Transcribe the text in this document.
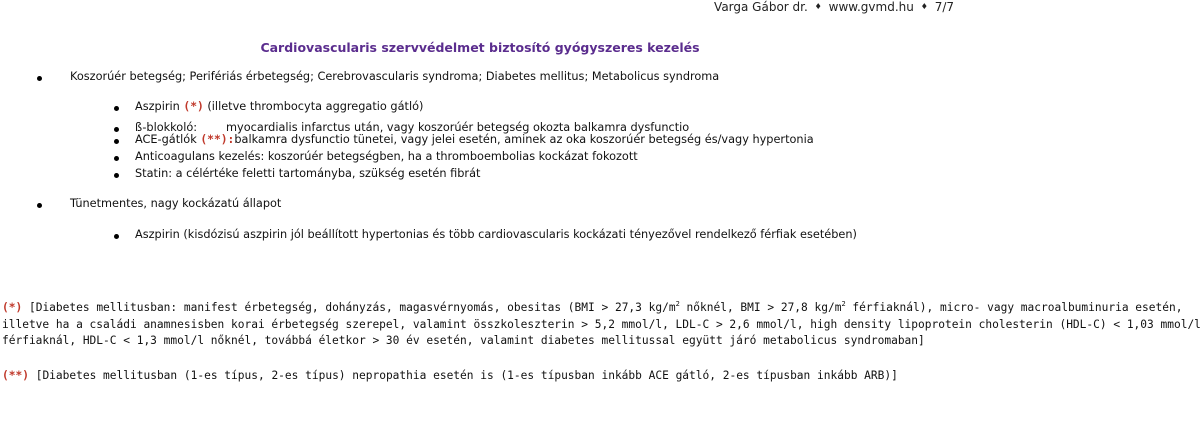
Varga Gábor dr. ♦ www.gvmd.hu ♦ 7/7
Cardiovascularis szervvédelmet biztosító gyógyszeres kezelés
Koszorúér betegség; Perifériás érbetegség; Cerebrovascularis syndroma; Diabetes mellitus; Metabolicus syndroma
Aszpirin (*) (illetve thrombocyta aggregatio gátló)
ß-blokkoló:	myocardialis infarctus után, vagy koszorúér betegség okozta balkamra dysfunctio
ACE-gátlók (**):balkamra dysfunctio tünetei, vagy jelei esetén, aminek az oka koszorúér betegség és/vagy hypertonia
Anticoagulans kezelés: koszorúér betegségben, ha a thromboembolias kockázat fokozott
Statin: a célértéke feletti tartományba, szükség esetén fibrát
Tünetmentes, nagy kockázatú állapot
Aszpirin (kisdózisú aszpirin jól beállított hypertonias és több cardiovascularis kockázati tényezővel rendelkező férfiak esetében)
(*) [Diabetes mellitusban: manifest érbetegség, dohányzás, magasvérnyomás, obesitas (BMI > 27,3 $kg/m^2$ nőknél, BMI > 27,8 $kg/m^2$ férfiaknál), micro- vagy macroalbuminuria esetén,
illetve ha a családi anamnesisben korai érbetegség szerepel, valamint összkoleszterin > 5,2 mmol/l, LDL-C > 2,6 mmol/l, high density lipoprotein cholesterin (HDL-C) < 1,03 mmol/l
férfiaknál, HDL-C < 1,3 mmol/l nőknél, továbbá életkor > 30 év esetén, valamint diabetes mellitussal együtt járó metabolicus syndromaban]
(**) [Diabetes mellitusban (1-es típus, 2-es típus) nepropathia esetén is (1-es típusban inkább ACE gátló, 2-es típusban inkább ARB)]
